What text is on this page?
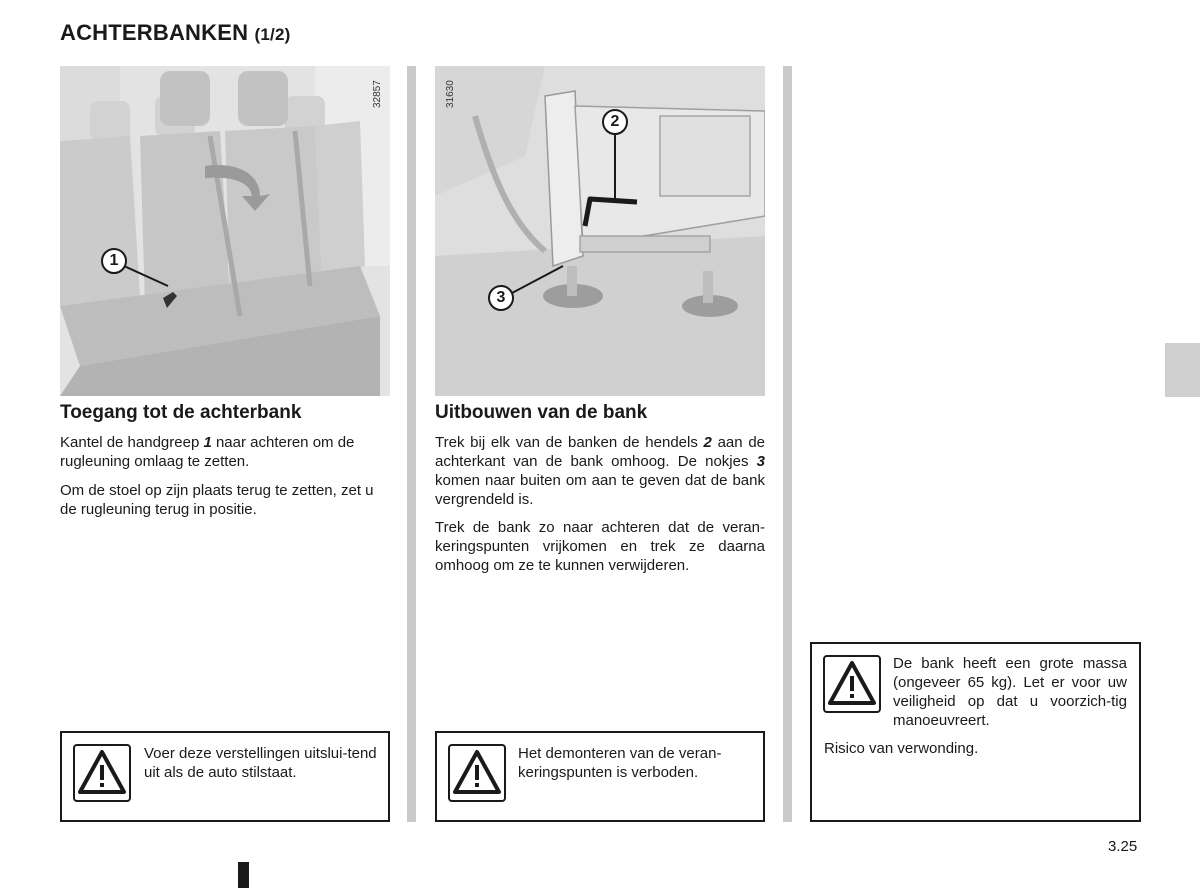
ACHTERBANKEN (1/2)
1
32857
Toegang tot de achterbank

Kantel de handgreep 1 naar achteren om de rugleuning omlaag te zetten.

Om de stoel op zijn plaats terug te zetten, zet u de rugleuning terug in positie.

Voer deze verstellingen uitslui-tend uit als de auto stilstaat.

2
3
31630
Uitbouwen van de bank

Trek bij elk van de banken de hendels 2 aan de achterkant van de bank omhoog. De nokjes 3 komen naar buiten om aan te geven dat de bank vergrendeld is.

Trek de bank zo naar achteren dat de veran-keringspunten vrijkomen en trek ze daarna omhoog om ze te kunnen verwijderen.

Het demonteren van de veran-keringspunten is verboden.

De bank heeft een grote massa (ongeveer 65 kg). Let er voor uw veiligheid op dat u voorzich-tig manoeuvreert.

Risico van verwonding.

3.25
